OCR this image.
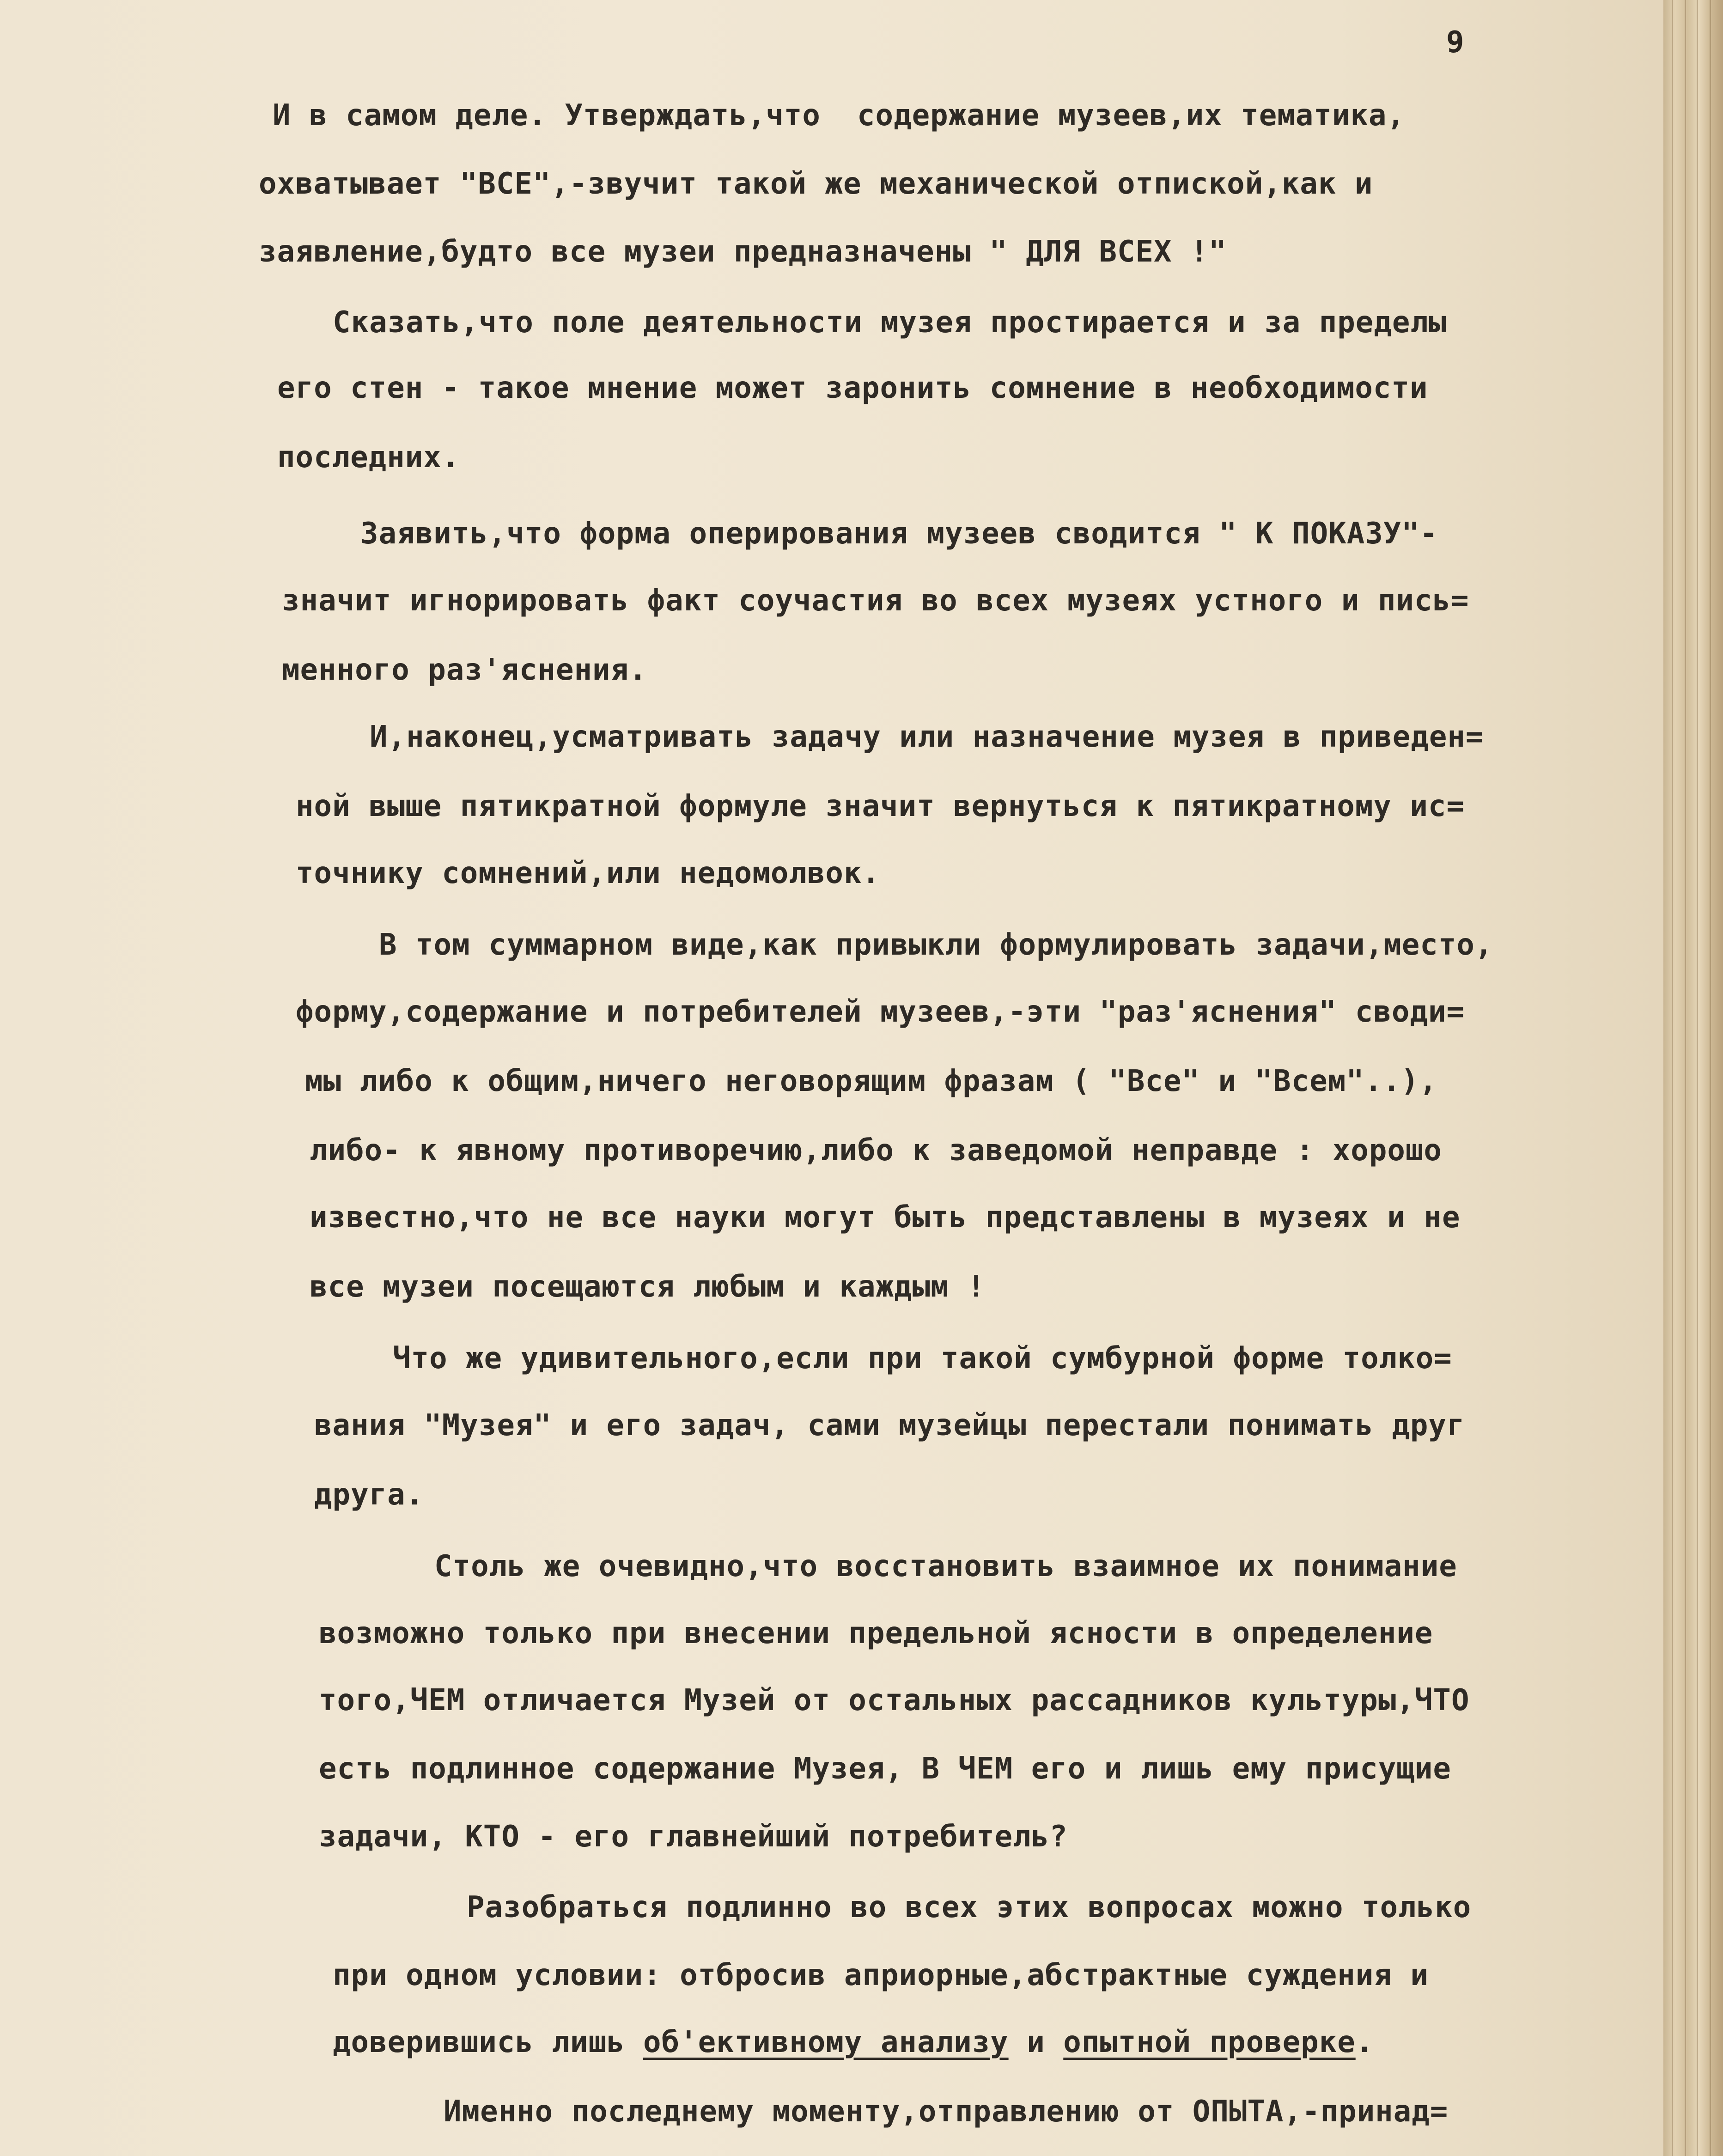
9
И в самом деле. Утверждать,что  содержание музеев,их тематика,
охватывает "ВСЕ",-звучит такой же механической отпиской,как и
заявление,будто все музеи предназначены " ДЛЯ ВСЕХ !"
Сказать,что поле деятельности музея простирается и за пределы
его стен - такое мнение может заронить сомнение в необходимости
последних.
Заявить,что форма оперирования музеев сводится " К ПОКАЗУ"-
значит игнорировать факт соучастия во всех музеях устного и пись=
менного раз'яснения.
И,наконец,усматривать задачу или назначение музея в приведен=
ной выше пятикратной формуле значит вернуться к пятикратному ис=
точнику сомнений,или недомолвок.
В том суммарном виде,как привыкли формулировать задачи,место,
форму,содержание и потребителей музеев,-эти "раз'яснения" своди=
мы либо к общим,ничего неговорящим фразам ( "Все" и "Всем"..),
либо- к явному противоречию,либо к заведомой неправде : хорошо
известно,что не все науки могут быть представлены в музеях и не
все музеи посещаются любым и каждым !
Что же удивительного,если при такой сумбурной форме толко=
вания "Музея" и его задач, сами музейцы перестали понимать друг
друга.
Столь же очевидно,что восстановить взаимное их понимание
возможно только при внесении предельной ясности в определение
того,ЧЕМ отличается Музей от остальных рассадников культуры,ЧТО
есть подлинное содержание Музея, В ЧЕМ его и лишь ему присущие
задачи, КТО - его главнейший потребитель?
Разобраться подлинно во всех этих вопросах можно только
при одном условии: отбросив априорные,абстрактные суждения и
доверившись лишь об'ективному анализу и опытной проверке.
Именно последнему моменту,отправлению от ОПЫТА,-принад=
